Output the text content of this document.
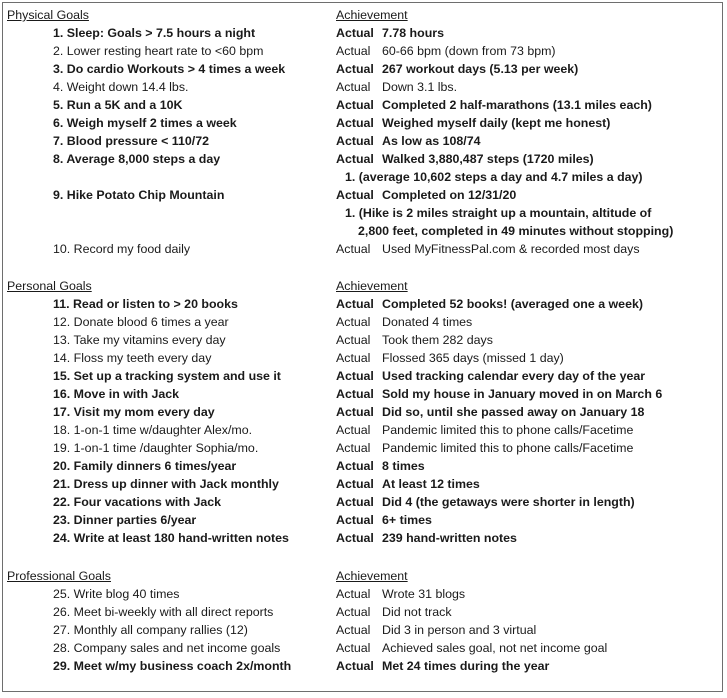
Physical Goals	Achievement
1. Sleep: Goals > 7.5 hours a night	Actual 7.78 hours
2. Lower resting heart rate to <60 bpm	Actual 60-66 bpm (down from 73 bpm)
3. Do cardio Workouts > 4 times a week	Actual 267 workout days (5.13 per week)
4. Weight down 14.4 lbs.	Actual Down 3.1 lbs.
5. Run a 5K and a 10K	Actual Completed 2 half-marathons (13.1 miles each)
6. Weigh myself 2 times a week	Actual Weighed myself daily (kept me honest)
7. Blood pressure < 110/72	Actual As low as 108/74
8. Average 8,000 steps a day	Actual Walked 3,880,487 steps (1720 miles)
1. (average 10,602 steps a day and 4.7 miles a day)
9. Hike Potato Chip Mountain	Actual Completed on 12/31/20
1. (Hike is 2 miles straight up a mountain, altitude of
2,800 feet, completed in 49 minutes without stopping)
10. Record my food daily	Actual Used MyFitnessPal.com & recorded most days
Personal Goals	Achievement
11. Read or listen to > 20 books	Actual Completed 52 books! (averaged one a week)
12. Donate blood 6 times a year	Actual Donated 4 times
13. Take my vitamins every day	Actual Took them 282 days
14. Floss my teeth every day	Actual Flossed 365 days (missed 1 day)
15. Set up a tracking system and use it	Actual Used tracking calendar every day of the year
16. Move in with Jack	Actual Sold my house in January moved in on March 6
17. Visit my mom every day	Actual Did so, until she passed away on January 18
18. 1-on-1 time w/daughter Alex/mo.	Actual Pandemic limited this to phone calls/Facetime
19. 1-on-1 time /daughter Sophia/mo.	Actual Pandemic limited this to phone calls/Facetime
20. Family dinners 6 times/year	Actual 8 times
21. Dress up dinner with Jack monthly	Actual At least 12 times
22. Four vacations with Jack	Actual Did 4 (the getaways were shorter in length)
23. Dinner parties 6/year	Actual 6+ times
24. Write at least 180 hand-written notes	Actual 239 hand-written notes
Professional Goals	Achievement
25. Write blog 40 times	Actual Wrote 31 blogs
26. Meet bi-weekly with all direct reports	Actual Did not track
27. Monthly all company rallies (12)	Actual Did 3 in person and 3 virtual
28. Company sales and net income goals	Actual Achieved sales goal, not net income goal
29. Meet w/my business coach 2x/month	Actual Met 24 times during the year
